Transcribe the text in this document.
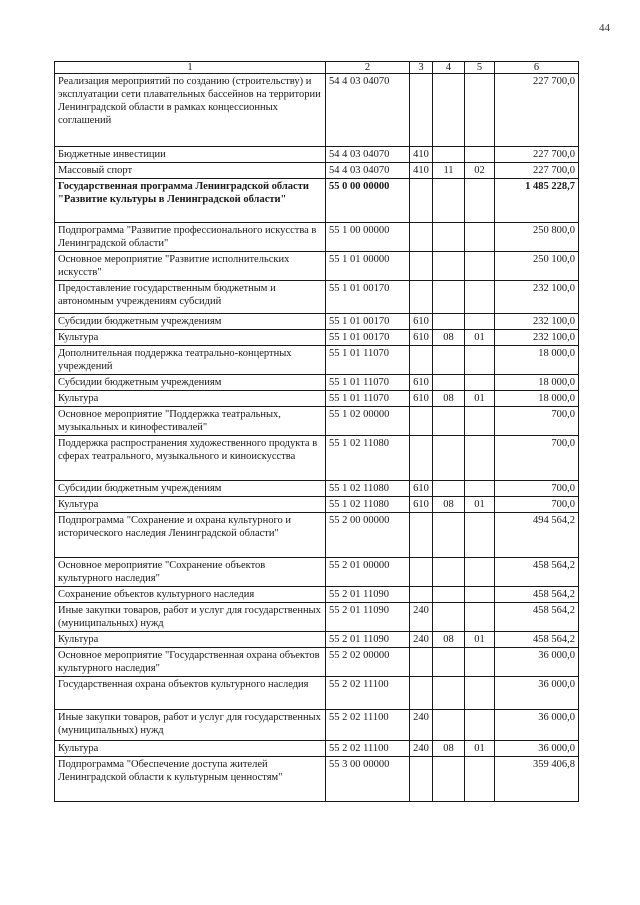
44
1	2	3	4	5	6
Реализация мероприятий по созданию (строительству) и эксплуатации сети плавательных бассейнов на территории Ленинградской области в рамках концессионных соглашений	54 4 03 04070				227 700,0
Бюджетные инвестиции	54 4 03 04070	410			227 700,0
Массовый спорт	54 4 03 04070	410	11	02	227 700,0
Государственная программа Ленинградской области "Развитие культуры в Ленинградской области"	55 0 00 00000				1 485 228,7
Подпрограмма "Развитие профессионального искусства в Ленинградской области"	55 1 00 00000				250 800,0
Основное мероприятие "Развитие исполнительских искусств"	55 1 01 00000				250 100,0
Предоставление государственным бюджетным и автономным учреждениям субсидий	55 1 01 00170				232 100,0
Субсидии бюджетным учреждениям	55 1 01 00170	610			232 100,0
Культура	55 1 01 00170	610	08	01	232 100,0
Дополнительная поддержка театрально-концертных учреждений	55 1 01 11070				18 000,0
Субсидии бюджетным учреждениям	55 1 01 11070	610			18 000,0
Культура	55 1 01 11070	610	08	01	18 000,0
Основное мероприятие "Поддержка театральных, музыкальных и кинофестивалей"	55 1 02 00000				700,0
Поддержка распространения художественного продукта в сферах театрального, музыкального и киноискусства	55 1 02 11080				700,0
Субсидии бюджетным учреждениям	55 1 02 11080	610			700,0
Культура	55 1 02 11080	610	08	01	700,0
Подпрограмма "Сохранение и охрана культурного и исторического наследия Ленинградской области"	55 2 00 00000				494 564,2
Основное мероприятие "Сохранение объектов культурного наследия"	55 2 01 00000				458 564,2
Сохранение объектов культурного наследия	55 2 01 11090				458 564,2
Иные закупки товаров, работ и услуг для государственных (муниципальных) нужд	55 2 01 11090	240			458 564,2
Культура	55 2 01 11090	240	08	01	458 564,2
Основное мероприятие "Государственная охрана объектов культурного наследия"	55 2 02 00000				36 000,0
Государственная охрана объектов культурного наследия	55 2 02 11100				36 000,0
Иные закупки товаров, работ и услуг для государственных (муниципальных) нужд	55 2 02 11100	240			36 000,0
Культура	55 2 02 11100	240	08	01	36 000,0
Подпрограмма "Обеспечение доступа жителей Ленинградской области к культурным ценностям"	55 3 00 00000				359 406,8
